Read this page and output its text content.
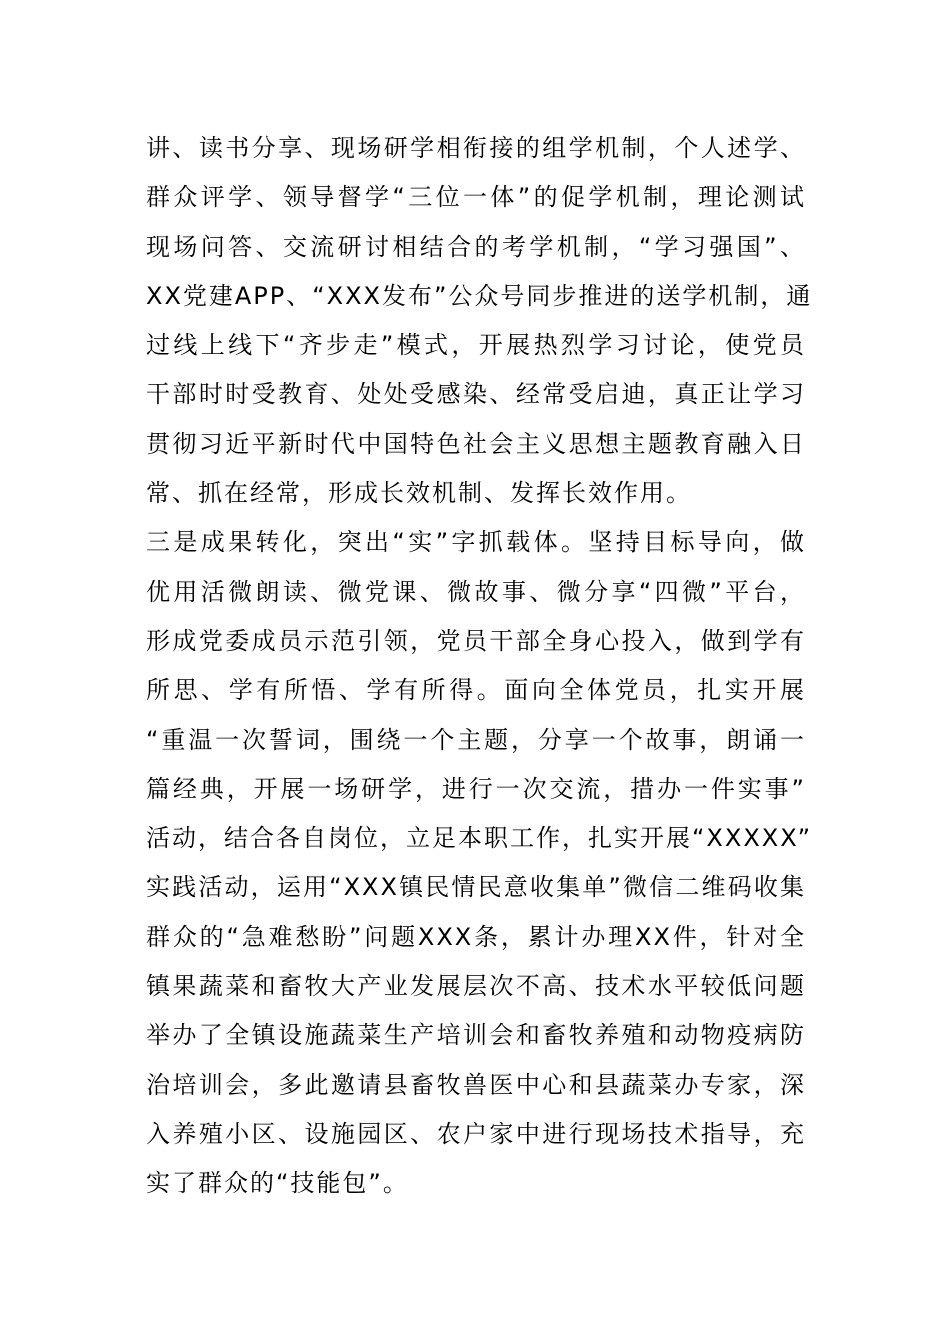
讲、读书分享、现场研学相衔接的组学机制，个人述学、
群众评学、领导督学“三位一体”的促学机制，理论测试
现场问答、交流研讨相结合的考学机制，“学习强国”、
XX党建APP、“XXX发布”公众号同步推进的送学机制，通
过线上线下“齐步走”模式，开展热烈学习讨论，使党员
干部时时受教育、处处受感染、经常受启迪，真正让学习
贯彻习近平新时代中国特色社会主义思想主题教育融入日
常、抓在经常，形成长效机制、发挥长效作用。
三是成果转化，突出“实”字抓载体。坚持目标导向，做
优用活微朗读、微党课、微故事、微分享“四微”平台，
形成党委成员示范引领，党员干部全身心投入，做到学有
所思、学有所悟、学有所得。面向全体党员，扎实开展
“重温一次誓词，围绕一个主题，分享一个故事，朗诵一
篇经典，开展一场研学，进行一次交流，措办一件实事”
活动，结合各自岗位，立足本职工作，扎实开展“XXXXX”
实践活动，运用“XXX镇民情民意收集单”微信二维码收集
群众的“急难愁盼”问题XXX条，累计办理XX件，针对全
镇果蔬菜和畜牧大产业发展层次不高、技术水平较低问题
举办了全镇设施蔬菜生产培训会和畜牧养殖和动物疫病防
治培训会，多此邀请县畜牧兽医中心和县蔬菜办专家，深
入养殖小区、设施园区、农户家中进行现场技术指导，充
实了群众的“技能包”。
